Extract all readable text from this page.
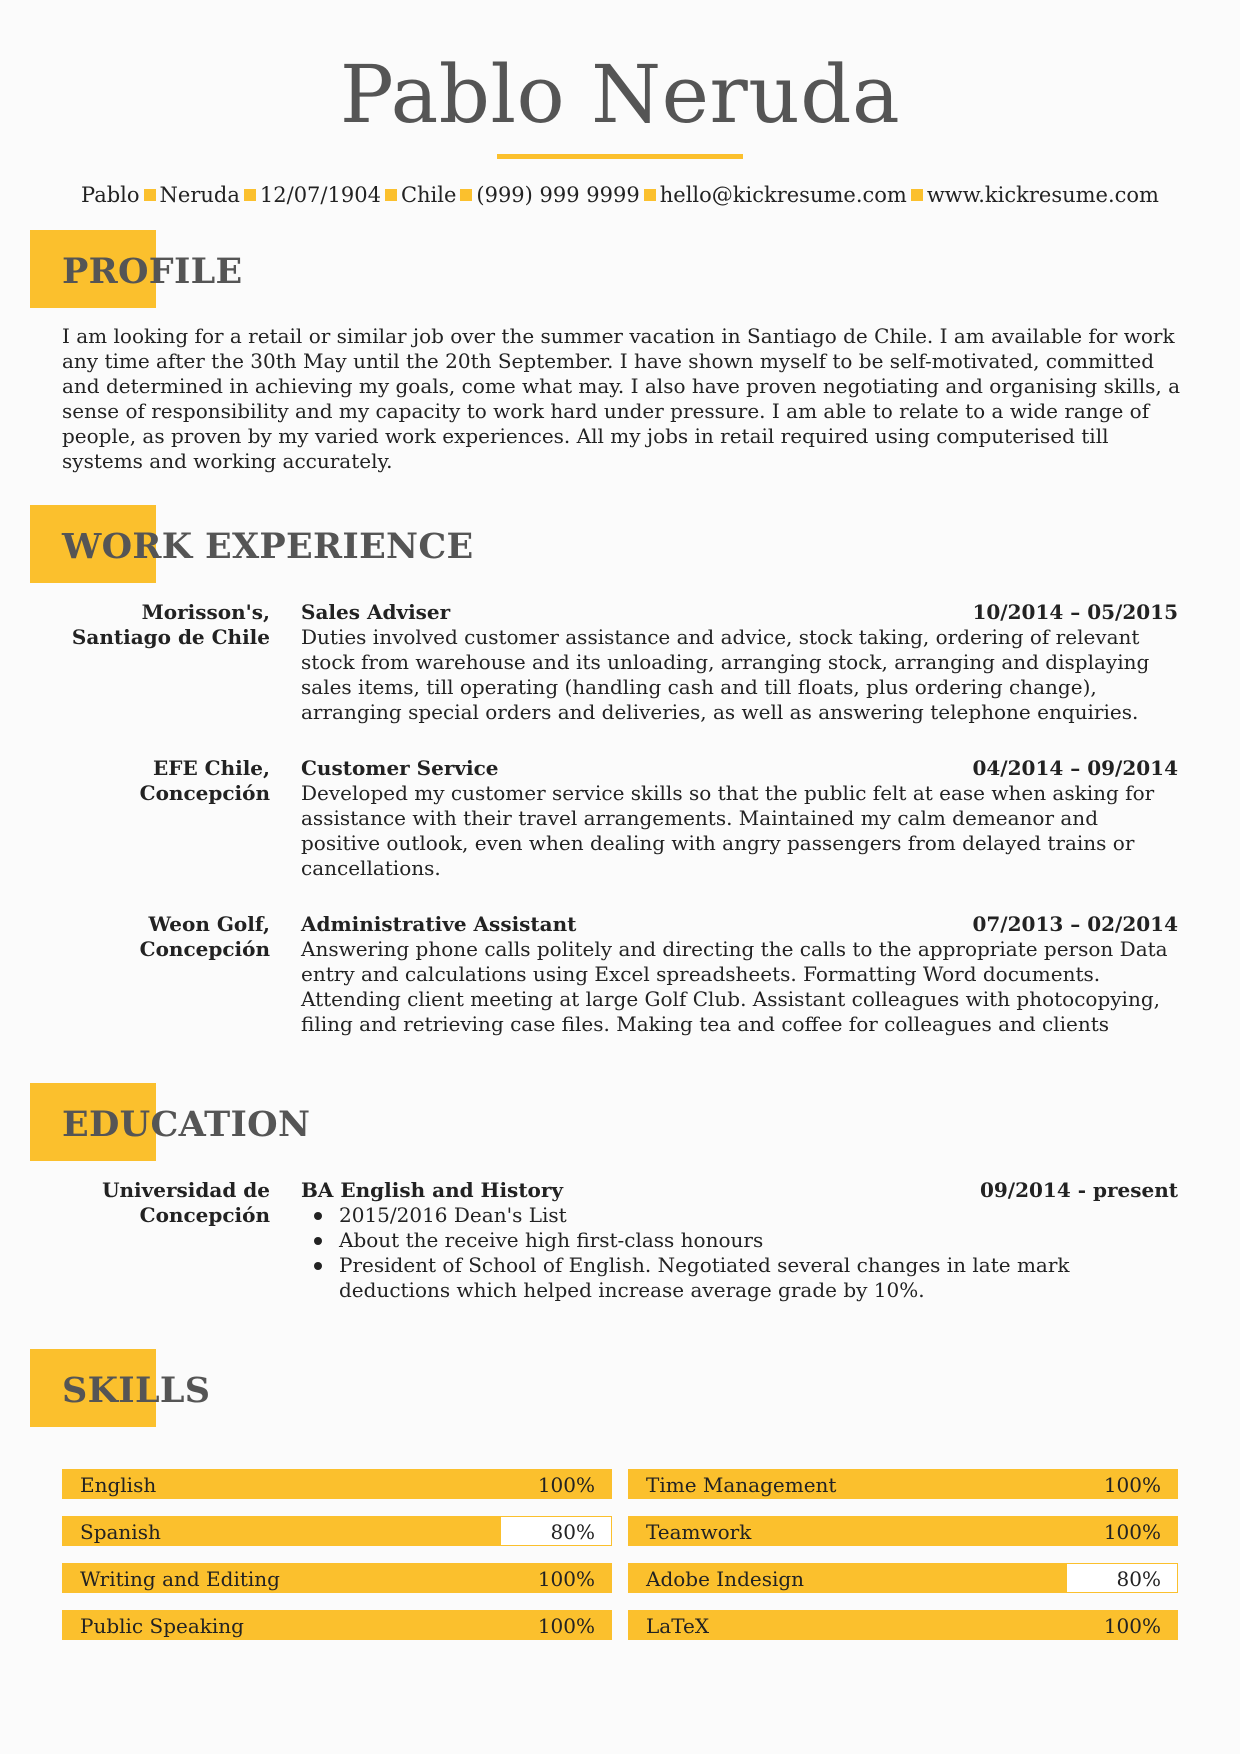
Pablo Neruda
Pablo Neruda 12/07/1904 Chile (999) 999 9999 hello@kickresume.com www.kickresume.com
PROFILE
I am looking for a retail or similar job over the summer vacation in Santiago de Chile. I am available for work any time after the 30th May until the 20th September. I have shown myself to be self-motivated, committed and determined in achieving my goals, come what may. I also have proven negotiating and organising skills, a sense of responsibility and my capacity to work hard under pressure. I am able to relate to a wide range of people, as proven by my varied work experiences. All my jobs in retail required using computerised till systems and working accurately.
WORK EXPERIENCE
Morisson's,
Santiago de Chile
Sales Adviser	10/2014 – 05/2015
Duties involved customer assistance and advice, stock taking, ordering of relevant stock from warehouse and its unloading, arranging stock, arranging and displaying sales items, till operating (handling cash and till floats, plus ordering change), arranging special orders and deliveries, as well as answering telephone enquiries.
EFE Chile,
Concepción
Customer Service	04/2014 – 09/2014
Developed my customer service skills so that the public felt at ease when asking for assistance with their travel arrangements. Maintained my calm demeanor and positive outlook, even when dealing with angry passengers from delayed trains or cancellations.
Weon Golf,
Concepción
Administrative Assistant	07/2013 – 02/2014
Answering phone calls politely and directing the calls to the appropriate person Data entry and calculations using Excel spreadsheets. Formatting Word documents. Attending client meeting at large Golf Club. Assistant colleagues with photocopying, filing and retrieving case files. Making tea and coffee for colleagues and clients
EDUCATION
Universidad de
Concepción
BA English and History	09/2014 - present
2015/2016 Dean's List
About the receive high first-class honours
President of School of English. Negotiated several changes in late mark deductions which helped increase average grade by 10%.
SKILLS
English	100%	Time Management	100%
Spanish	80%	Teamwork	100%
Writing and Editing	100%	Adobe Indesign	80%
Public Speaking	100%	LaTeX	100%
